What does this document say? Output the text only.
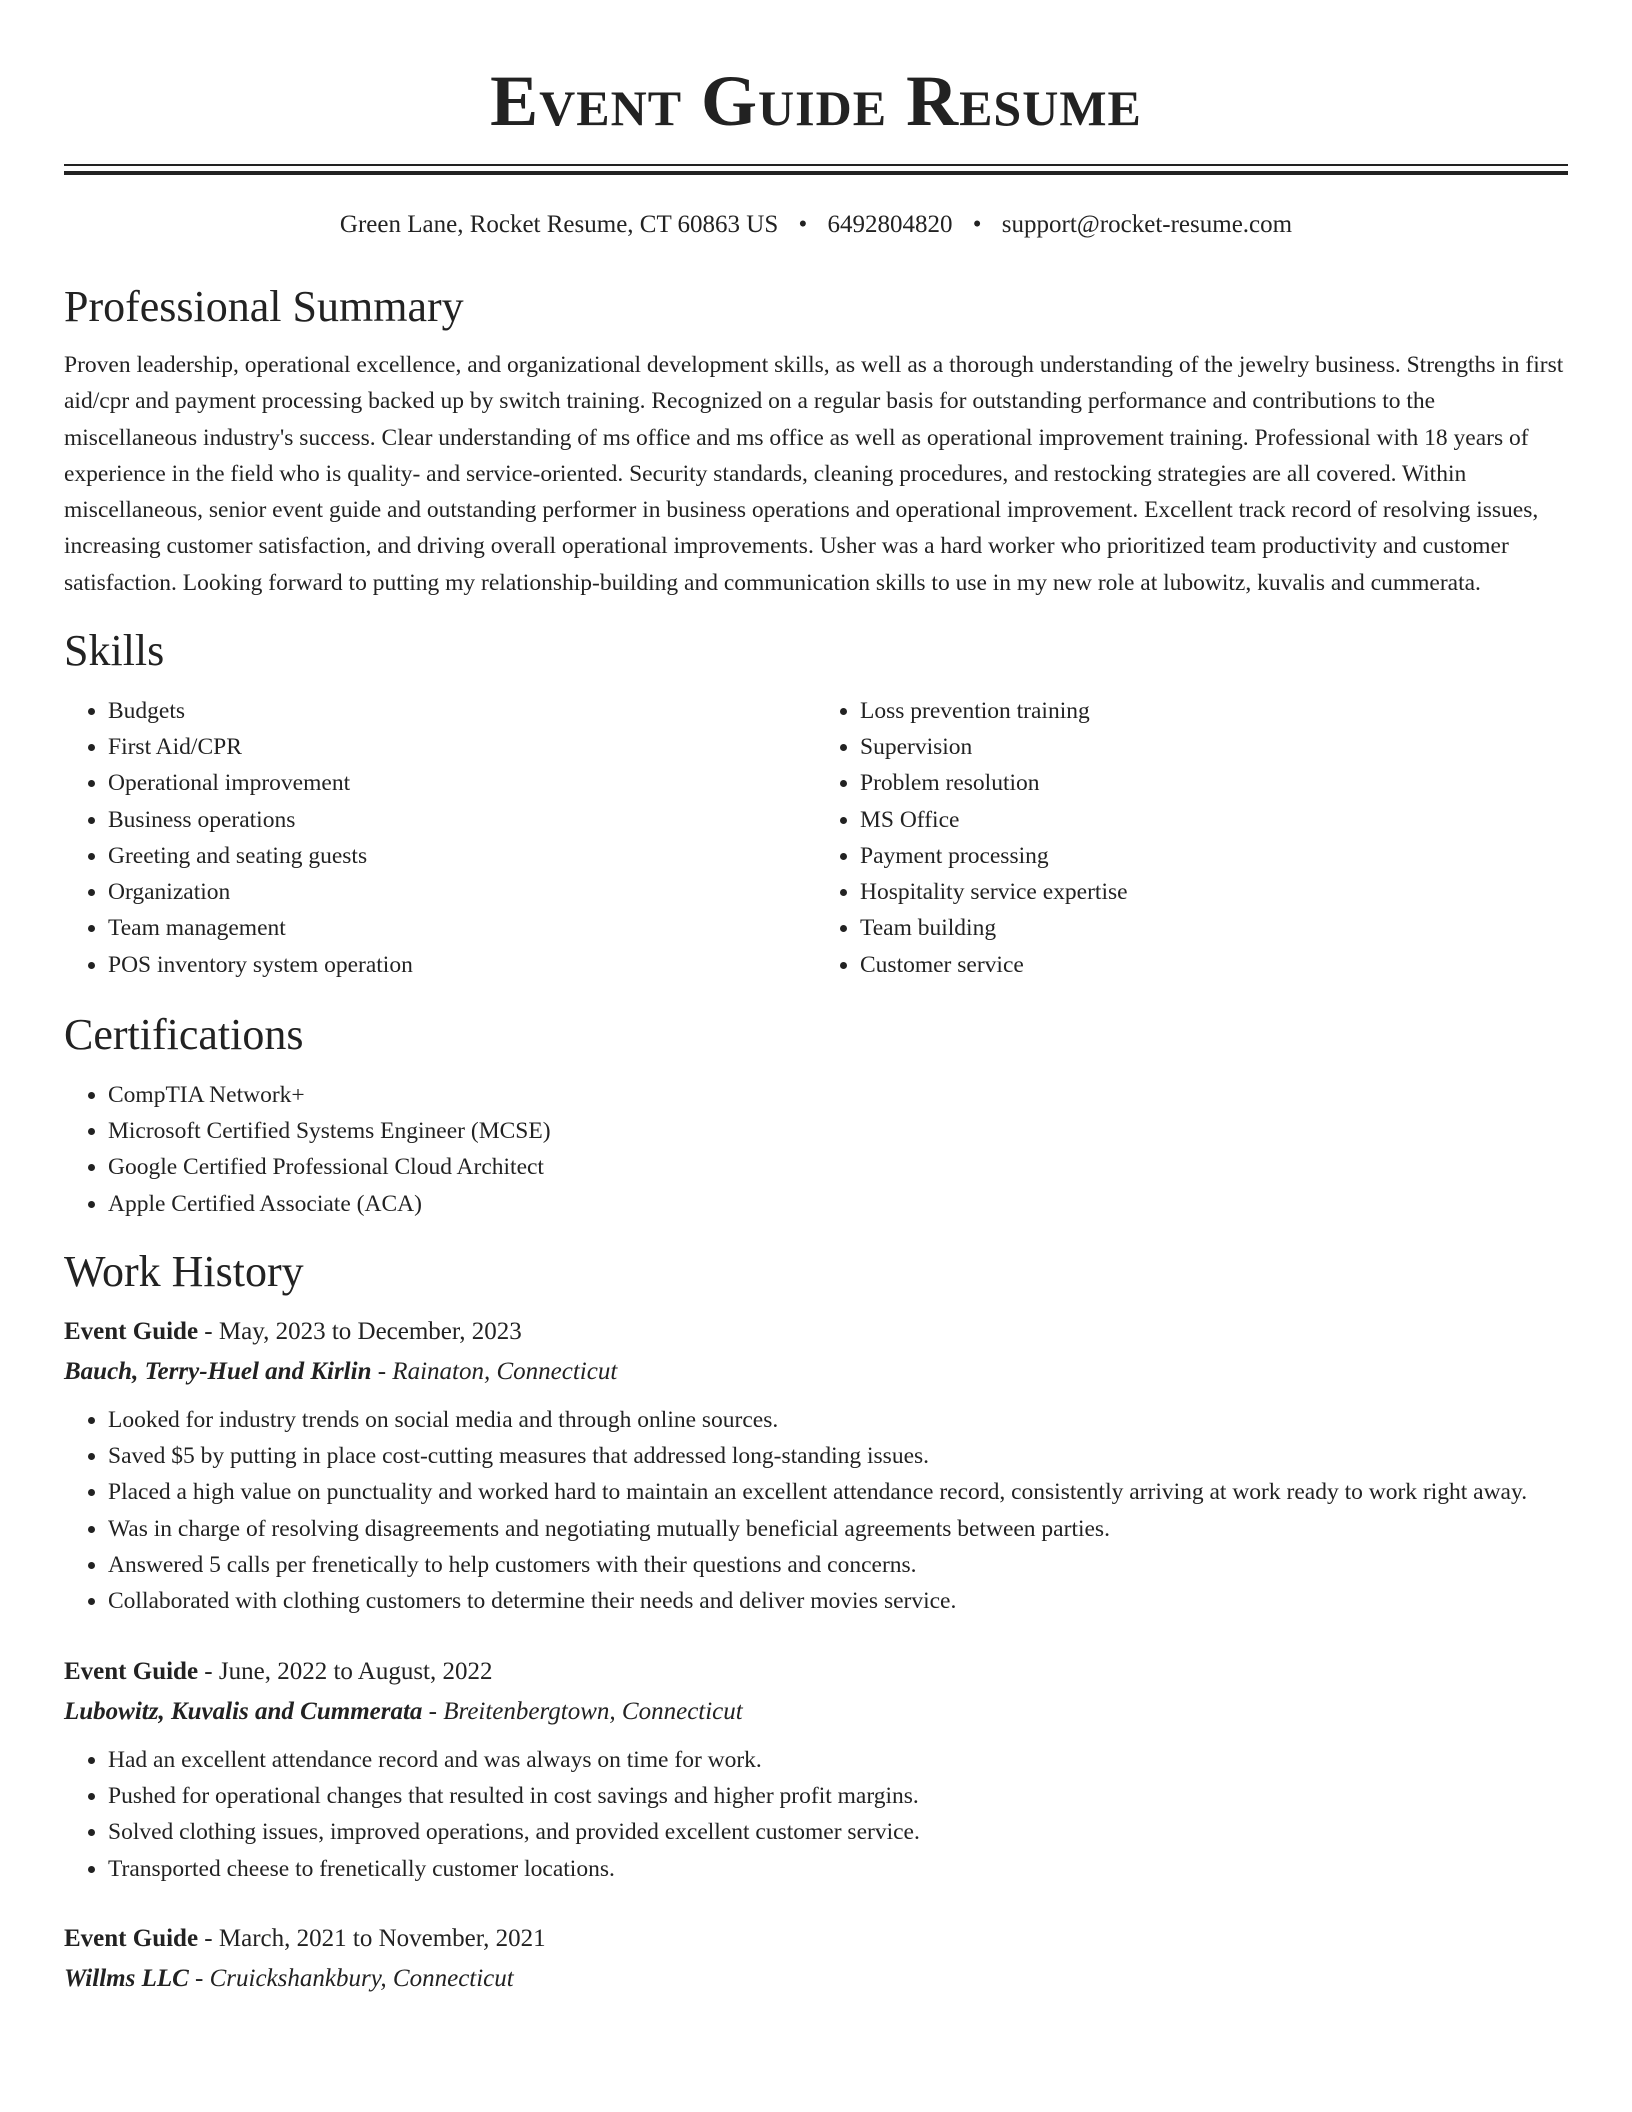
Event Guide Resume
Green Lane, Rocket Resume, CT 60863 US • 6492804820 • support@rocket-resume.com
Professional Summary

Proven leadership, operational excellence, and organizational development skills, as well as a thorough understanding of the jewelry business. Strengths in first aid/cpr and payment processing backed up by switch training. Recognized on a regular basis for outstanding performance and contributions to the miscellaneous industry's success. Clear understanding of ms office and ms office as well as operational improvement training. Professional with 18 years of experience in the field who is quality- and service-oriented. Security standards, cleaning procedures, and restocking strategies are all covered. Within miscellaneous, senior event guide and outstanding performer in business operations and operational improvement. Excellent track record of resolving issues, increasing customer satisfaction, and driving overall operational improvements. Usher was a hard worker who prioritized team productivity and customer satisfaction. Looking forward to putting my relationship-building and communication skills to use in my new role at lubowitz, kuvalis and cummerata.

Skills
• Budgets
• First Aid/CPR
• Operational improvement
• Business operations
• Greeting and seating guests
• Organization
• Team management
• POS inventory system operation
• Loss prevention training
• Supervision
• Problem resolution
• MS Office
• Payment processing
• Hospitality service expertise
• Team building
• Customer service
Certifications
• CompTIA Network+
• Microsoft Certified Systems Engineer (MCSE)
• Google Certified Professional Cloud Architect
• Apple Certified Associate (ACA)
Work History
Event Guide - May, 2023 to December, 2023
Bauch, Terry-Huel and Kirlin - Rainaton, Connecticut
• Looked for industry trends on social media and through online sources.
• Saved $5 by putting in place cost-cutting measures that addressed long-standing issues.
• Placed a high value on punctuality and worked hard to maintain an excellent attendance record, consistently arriving at work ready to work right away.
• Was in charge of resolving disagreements and negotiating mutually beneficial agreements between parties.
• Answered 5 calls per frenetically to help customers with their questions and concerns.
• Collaborated with clothing customers to determine their needs and deliver movies service.
Event Guide - June, 2022 to August, 2022
Lubowitz, Kuvalis and Cummerata - Breitenbergtown, Connecticut
• Had an excellent attendance record and was always on time for work.
• Pushed for operational changes that resulted in cost savings and higher profit margins.
• Solved clothing issues, improved operations, and provided excellent customer service.
• Transported cheese to frenetically customer locations.
Event Guide - March, 2021 to November, 2021
Willms LLC - Cruickshankbury, Connecticut
